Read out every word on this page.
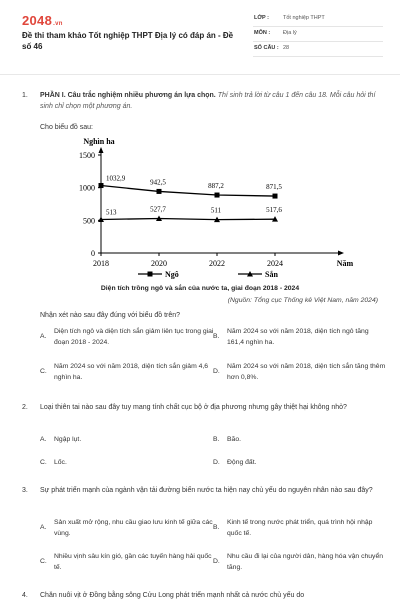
2048.vn
Đề thi tham khảo Tốt nghiệp THPT Địa lý có đáp án - Đề số 46
LỚP :	Tốt nghiệp THPT
MÔN : Địa lý
SỐ CÂU : 28
1. PHẦN I. Câu trắc nghiệm nhiều phương án lựa chọn. Thí sinh trả lời từ câu 1 đến câu 18. Mỗi câu hỏi thí sinh chỉ chọn một phương án.
Cho biểu đồ sau:
Nghìn ha
Năm
0
500
1000
1500
2018	2020	2022	2024
1032,9	942,5	887,2	871,5
513	527,7	511	517,6
Ngô	Sắn
Diện tích trồng ngô và sắn của nước ta, giai đoạn 2018 - 2024
(Nguồn: Tổng cục Thống kê Việt Nam, năm 2024)
Nhận xét nào sau đây đúng với biểu đồ trên?
A.
Diện tích ngô và diện tích sắn giảm liên tục trong giai đoạn 2018 - 2024.
B.
Năm 2024 so với năm 2018, diện tích ngô tăng 161,4 nghìn ha.
C.
Năm 2024 so với năm 2018, diện tích sắn giảm 4,6 nghìn ha.
D.
Năm 2024 so với năm 2018, diện tích sắn tăng thêm hơn 0,8%.
2. Loại thiên tai nào sau đây tuy mang tính chất cục bộ ở địa phương nhưng gây thiệt hại không nhỏ?
A. Ngập lụt.	B. Bão.
C. Lốc.	D. Động đất.
3. Sự phát triển mạnh của ngành vận tải đường biển nước ta hiện nay chủ yếu do nguyên nhân nào sau đây?
A.
Sản xuất mở rộng, nhu cầu giao lưu kinh tế giữa các vùng.
B.
Kinh tế trong nước phát triển, quá trình hội nhập quốc tế.
C.
Nhiều vịnh sâu kín gió, gần các tuyến hàng hải quốc tế.
D.
Nhu cầu đi lại của người dân, hàng hóa vận chuyển tăng.
4. Chăn nuôi vịt ở Đồng bằng sông Cửu Long phát triển mạnh nhất cả nước chủ yếu do
